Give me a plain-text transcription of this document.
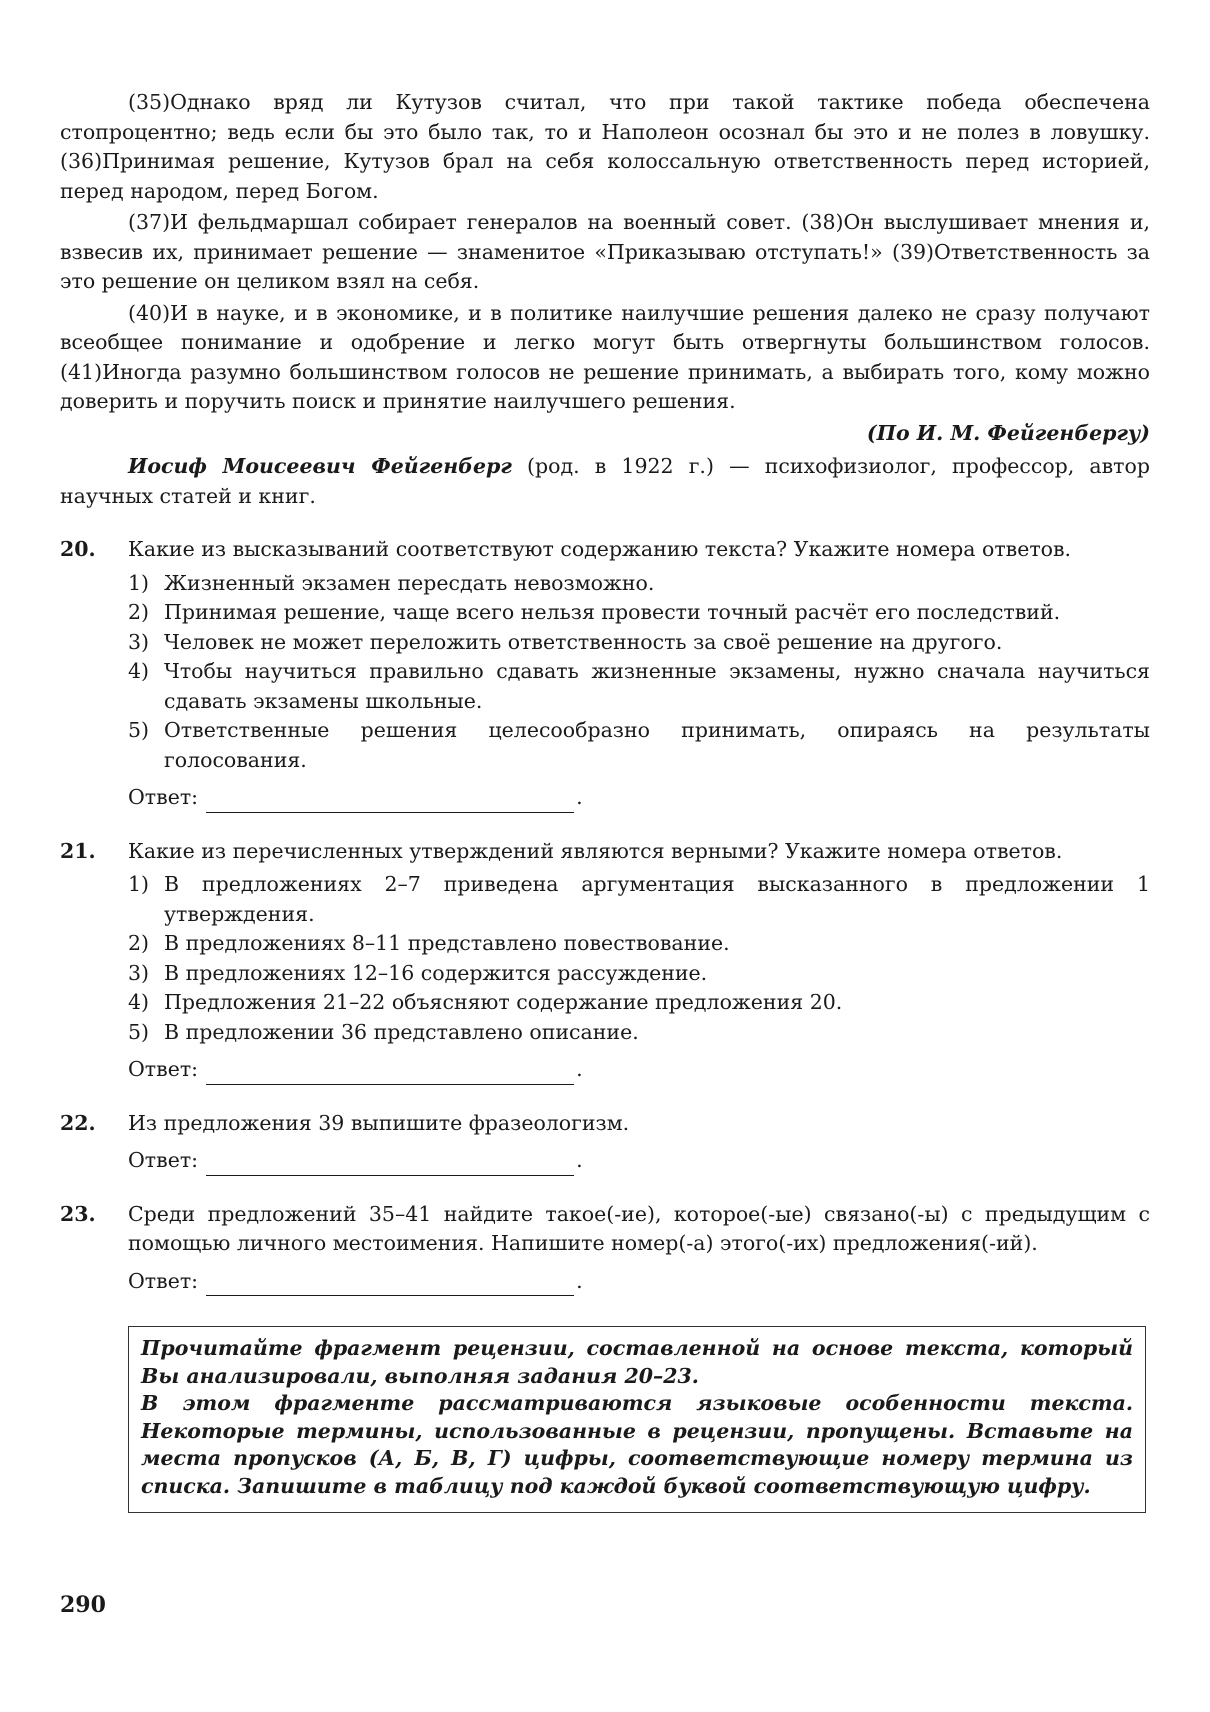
(35)Однако вряд ли Кутузов считал, что при такой тактике победа обеспечена стопроцентно; ведь если бы это было так, то и Наполеон осознал бы это и не полез в ловушку. (36)Принимая решение, Кутузов брал на себя колоссальную ответственность перед историей, перед народом, перед Богом.

(37)И фельдмаршал собирает генералов на военный совет. (38)Он выслушивает мнения и, взвесив их, принимает решение — знаменитое «Приказываю отступать!» (39)Ответственность за это решение он целиком взял на себя.

(40)И в науке, и в экономике, и в политике наилучшие решения далеко не сразу получают всеобщее понимание и одобрение и легко могут быть отвергнуты большинством голосов. (41)Иногда разумно большинством голосов не решение принимать, а выбирать того, кому можно доверить и поручить поиск и принятие наилучшего решения.

(По И. М. Фейгенбергу)

Иосиф Моисеевич Фейгенберг (род. в 1922 г.) — психофизиолог, профессор, автор научных статей и книг.

20.	Какие из высказываний соответствуют содержанию текста? Укажите номера ответов.
1) Жизненный экзамен пересдать невозможно.
2) Принимая решение, чаще всего нельзя провести точный расчёт его последствий.
3) Человек не может переложить ответственность за своё решение на другого.
4) Чтобы научиться правильно сдавать жизненные экзамены, нужно сначала научиться сдавать экзамены школьные.
5) Ответственные решения целесообразно принимать, опираясь на результаты голосования.
Ответ:	.
21.	Какие из перечисленных утверждений являются верными? Укажите номера ответов.
1) В предложениях 2–7 приведена аргументация высказанного в предложении 1 утверждения.
2) В предложениях 8–11 представлено повествование.
3) В предложениях 12–16 содержится рассуждение.
4) Предложения 21–22 объясняют содержание предложения 20.
5) В предложении 36 представлено описание.
Ответ:	.
22.	Из предложения 39 выпишите фразеологизм.
Ответ:	.
23.	Среди предложений 35–41 найдите такое(-ие), которое(-ые) связано(-ы) с предыдущим с помощью личного местоимения. Напишите номер(-а) этого(-их) предложения(-ий).
Ответ:	.

Прочитайте фрагмент рецензии, составленной на основе текста, который Вы анализировали, выполняя задания 20–23.

В этом фрагменте рассматриваются языковые особенности текста. Некоторые термины, использованные в рецензии, пропущены. Вставьте на места пропусков (А, Б, В, Г) цифры, соответствующие номеру термина из списка. Запишите в таблицу под каждой буквой соответствующую цифру.

290
